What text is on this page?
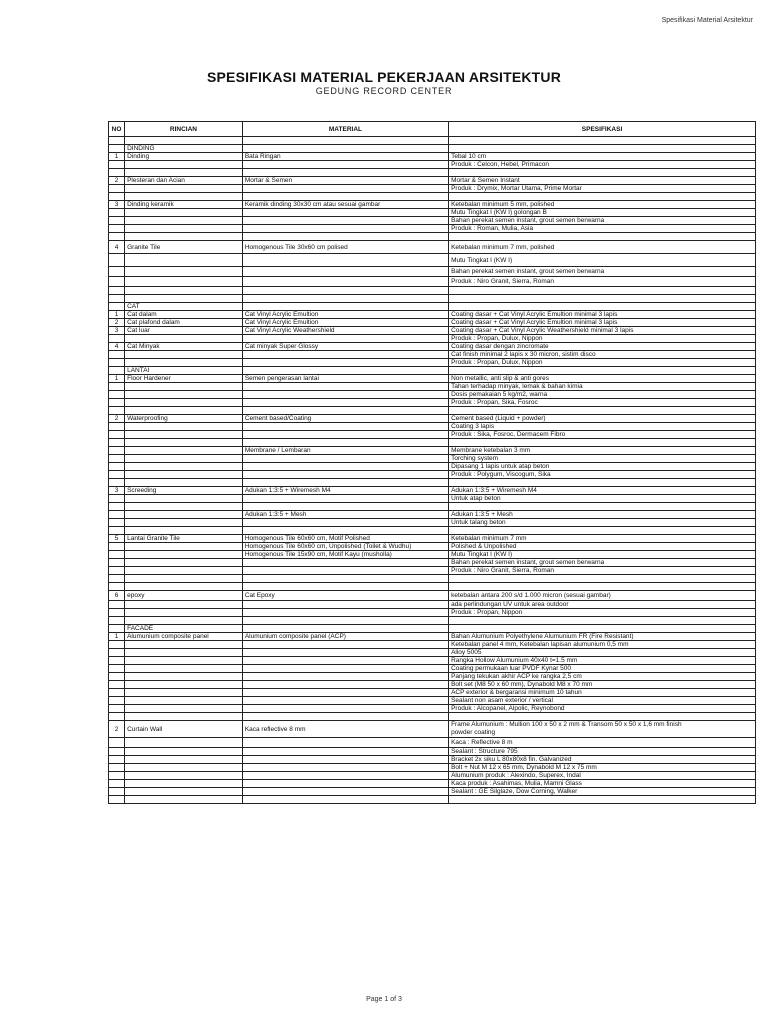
Spesifikasi Material Arsitektur
SPESIFIKASI MATERIAL PEKERJAAN ARSITEKTUR
GEDUNG RECORD CENTER
NO	RINCIAN	MATERIAL	SPESIFIKASI

	DINDING		
1	Dinding	Bata Ringan	Tebal 10 cm
			Produk : Celcon, Hebel, Primacon

2	Plesteran dan Acian	Mortar & Semen	Mortar & Semen Instant
			Produk : Drymix, Mortar Utama, Prime Mortar

3	Dinding keramik	Keramik dinding 30x30 cm atau sesuai gambar	Ketebalan minimum 5 mm, polished
			Mutu Tingkat I (KW I) golongan B
			Bahan perekat semen instant, grout semen berwarna
			Produk : Roman, Mulia, Asia

4	Granite Tile	Homogenous Tile 30x60 cm polised	Ketebalan minimum 7 mm, polished
			Mutu Tingkat I (KW I)
			Bahan perekat semen instant, grout semen berwarna
			Produk : Niro Granit, Sierra, Roman

	CAT		
1	Cat dalam	Cat Vinyl Acrylic Emultion	Coating dasar + Cat Vinyl Acrylic Emultion minimal 3 lapis
2	Cat plafond dalam	Cat Vinyl Acrylic Emultion	Coating dasar + Cat Vinyl Acrylic Emultion minimal 3 lapis
3	Cat luar	Cat Vinyl Acrylic Weathershield	Coating dasar + Cat Vinyl Acrylic Weathershield minimal 3 lapis
			Produk : Propan, Dulux, Nippon
4	Cat Minyak	Cat minyak Super Glossy	Coating dasar dengan zincromate
			Cat finish minimal 2 lapis x 30 micron, sistim disco
			Produk : Propan, Dulux, Nippon
	LANTAI		
1	Floor Hardener	Semen pengerasan lantai	Non metallic, anti slip & anti gores
			Tahan terhadap minyak, lemak & bahan kimia
			Dosis pemakaian 5 kg/m2, warna
			Produk : Propan, Sika, Fosroc

2	Waterproofing	Cement based/Coating	Cement based (Liquid + powder)
			Coating 3 lapis
			Produk : Sika, Fosroc, Dermacem Fibro

		Membrane / Lembaran	Membrane ketebalan 3 mm
			Torching system
			Dipasang 1 lapis untuk atap beton
			Produk : Polygum, Viscogum, Sika

3	Screeding	Adukan 1:3:5 + Wiremesh M4	Adukan 1:3:5 + Wiremesh M4
			Untuk atap beton

		Adukan 1:3:5 + Mesh	Adukan 1:3:5 + Mesh
			Untuk talang beton

5	Lantai Granite Tile	Homogenous Tile 60x60 cm, Motif Polished	Ketebalan minimum 7 mm
		Homogenous Tile 60x60 cm, Unpolished (Toilet & Wudhu)	Polished & Unpolished
		Homogenous Tile 15x90 cm, Motif Kayu (musholla)	Mutu Tingkat I (KW I)
			Bahan perekat semen instant, grout semen berwarna
			Produk : Niro Granit, Sierra, Roman

6	epoxy	Cat Epoxy	ketebalan antara 200 s/d 1.000 micron (sesuai gambar)
			ada perlindungan UV untuk area outdoor
			Produk : Propan, Nippon

	FACADE		
1	Alumunium composite panel	Alumunium composite panel (ACP)	Bahan Alumunium Polyethylene Alumunium FR (Fire Resistant)
			Ketebalan panel 4 mm, Ketebalan lapisan alumunium 0,5 mm
			Alloy 5005
			Rangka Hollow Alumunium 40x40 t=1.5 mm
			Coating permukaan luar PVDF Kynar 500
			Panjang tekukan akhir ACP ke rangka 2,5 cm
			Bolt set (M8 50 x 60 mm), Dynabold M8 x 70 mm
			ACP exterior & bergaransi minimum 10 tahun
			Sealant non asam exterior / vertical
			Produk : Alcopanel, Alpolic, Reynobond

2	Curtain Wall	Kaca reflective 8 mm	Frame Alumunium : Mullion 100 x 50 x 2 mm & Transom 50 x 50 x 1,6 mm finish
powder coating

			Kaca : Reflective 8 m
			Sealant : Structure 795
			Bracket 2x siku L 80x80x8 fin. Galvanized
			Bolt + Nut M 12 x 65 mm, Dynabold M 12 x 75 mm
			Alumunium produk : Alexindo, Superex, Indal
			Kaca produk : Asahimas, Mulia, Mamni Glass
			Sealant : GE Silglaze, Dow Corning, Walker

Page 1 of 3
